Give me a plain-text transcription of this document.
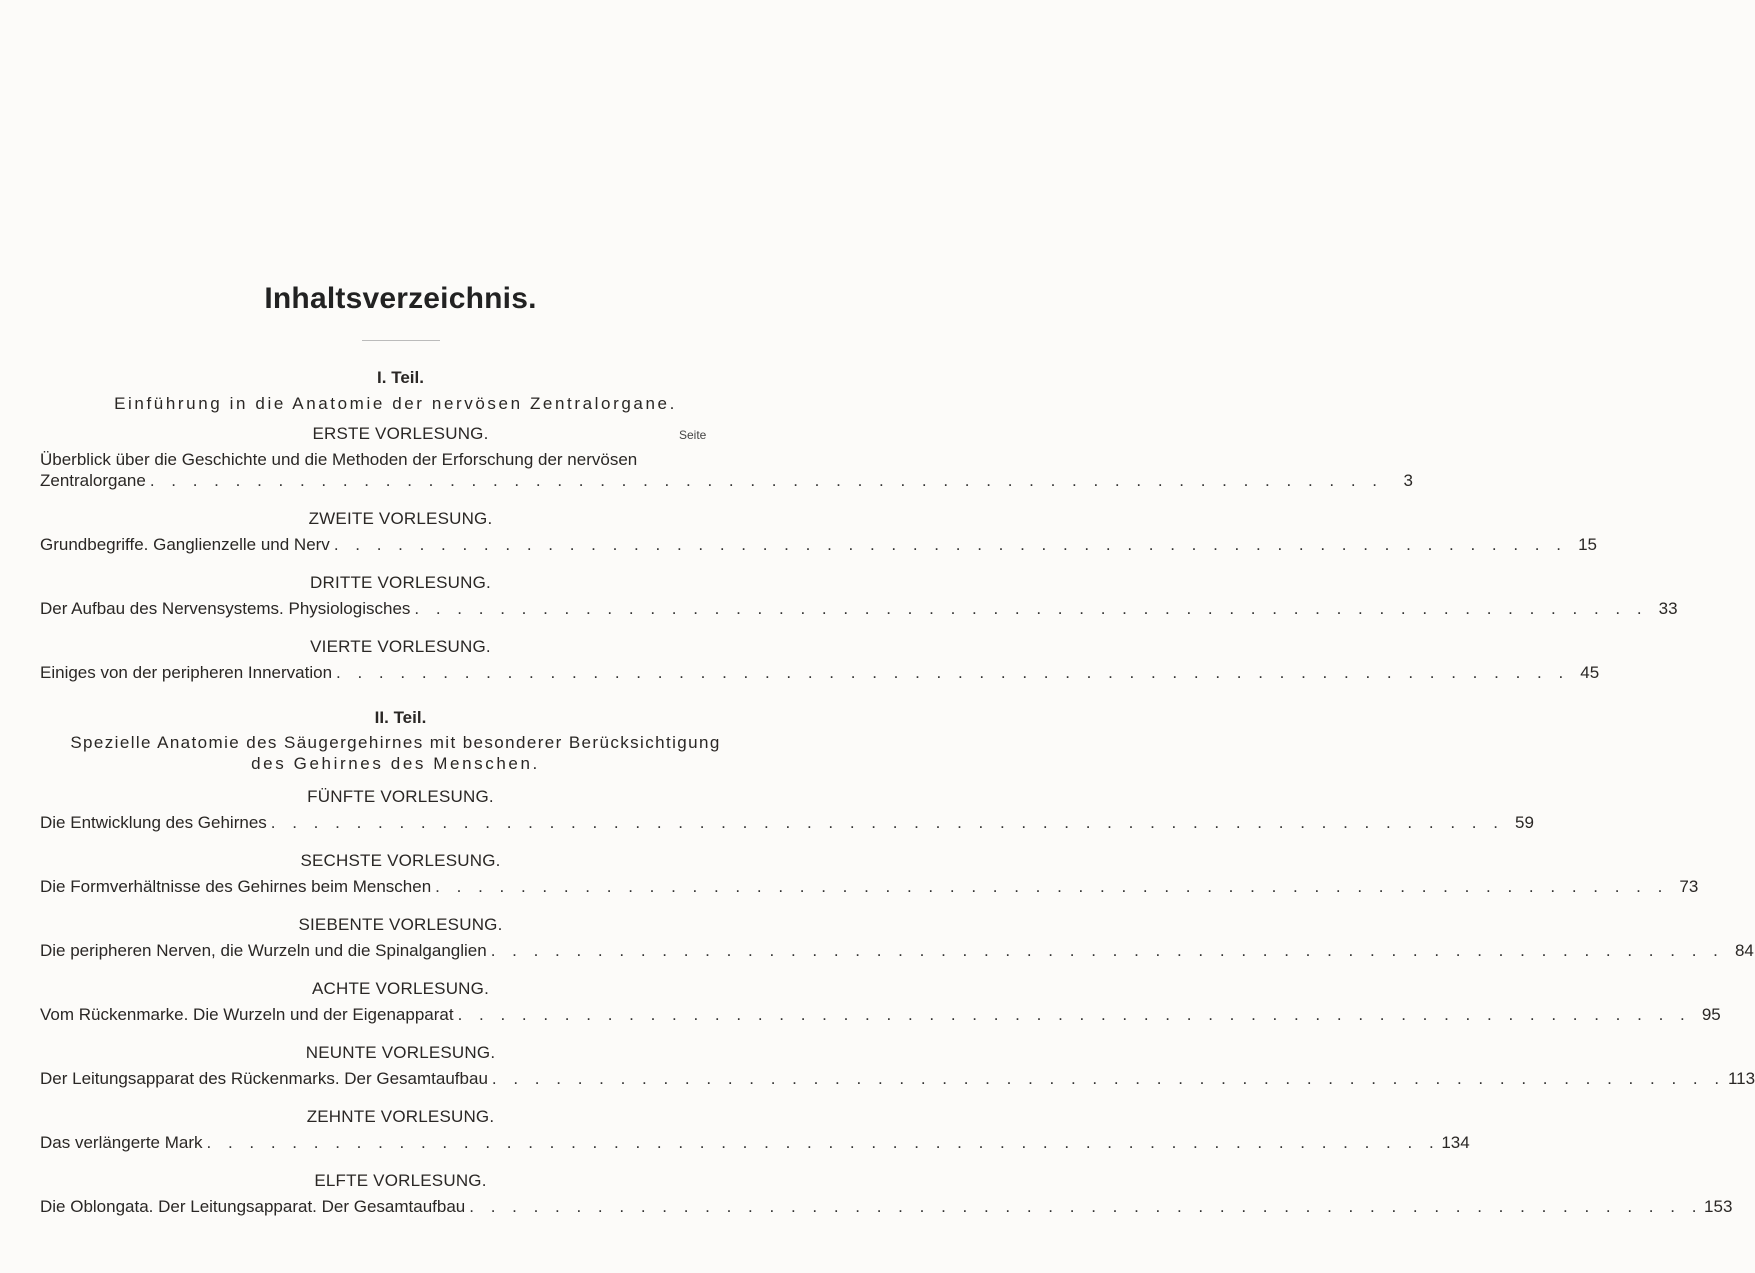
Inhaltsverzeichnis.
I. Teil.
Einführung in die Anatomie der nervösen Zentralorgane.
ERSTE VORLESUNG.	Seite
Überblick über die Geschichte und die Methoden der Erforschung der nervösen
Zentralorgane . . . . . . . . . . . . . . . . . . . . . . . . . . . . . . . . . . . . . . . . . . . . . . . . . . . . . . . . . .	3
ZWEITE VORLESUNG.
Grundbegriffe. Ganglienzelle und Nerv . . . . . . . . . . . . . . . . . . . . . . . . . . . . . . . . . . . . . . . . . . . . . . . . . . . . . . . . . . 15
DRITTE VORLESUNG.
Der Aufbau des Nervensystems. Physiologisches . . . . . . . . . . . . . . . . . . . . . . . . . . . . . . . . . . . . . . . . . . . . . . . . . . . . . . . . . . 33
VIERTE VORLESUNG.
Einiges von der peripheren Innervation . . . . . . . . . . . . . . . . . . . . . . . . . . . . . . . . . . . . . . . . . . . . . . . . . . . . . . . . . . 45
II. Teil.
Spezielle Anatomie des Säugergehirnes mit besonderer Berücksichtigung
des Gehirnes des Menschen.
FÜNFTE VORLESUNG.
Die Entwicklung des Gehirnes . . . . . . . . . . . . . . . . . . . . . . . . . . . . . . . . . . . . . . . . . . . . . . . . . . . . . . . . . . 59
SECHSTE VORLESUNG.
Die Formverhältnisse des Gehirnes beim Menschen . . . . . . . . . . . . . . . . . . . . . . . . . . . . . . . . . . . . . . . . . . . . . . . . . . . . . . . . . . 73
SIEBENTE VORLESUNG.
Die peripheren Nerven, die Wurzeln und die Spinalganglien . . . . . . . . . . . . . . . . . . . . . . . . . . . . . . . . . . . . . . . . . . . . . . . . . . . . . . . . . . 84
ACHTE VORLESUNG.
Vom Rückenmarke. Die Wurzeln und der Eigenapparat . . . . . . . . . . . . . . . . . . . . . . . . . . . . . . . . . . . . . . . . . . . . . . . . . . . . . . . . . . 95
NEUNTE VORLESUNG.
Der Leitungsapparat des Rückenmarks. Der Gesamtaufbau . . . . . . . . . . . . . . . . . . . . . . . . . . . . . . . . . . . . . . . . . . . . . . . . . . . . . . . . . . 113
ZEHNTE VORLESUNG.
Das verlängerte Mark . . . . . . . . . . . . . . . . . . . . . . . . . . . . . . . . . . . . . . . . . . . . . . . . . . . . . . . . . . 134
ELFTE VORLESUNG.
Die Oblongata. Der Leitungsapparat. Der Gesamtaufbau . . . . . . . . . . . . . . . . . . . . . . . . . . . . . . . . . . . . . . . . . . . . . . . . . . . . . . . . . . 153
